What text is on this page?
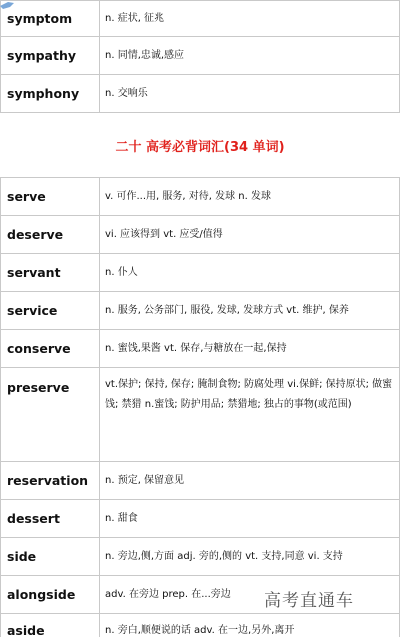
symptom	n. 症状, 征兆
sympathy	n. 同情,忠诚,感应
symphony	n. 交响乐
二十 高考必背词汇(34 单词)
serve	v. 可作...用, 服务, 对待, 发球 n. 发球
deserve	vi. 应该得到 vt. 应受/值得
servant	n. 仆人
service	n. 服务, 公务部门, 服役, 发球, 发球方式 vt. 维护, 保养
conserve	n. 蜜饯,果酱 vt. 保存,与糖放在一起,保持
preserve	vt.保护; 保持, 保存; 腌制食物; 防腐处理 vi.保鲜; 保持原状; 做蜜饯; 禁猎 n.蜜饯; 防护用品; 禁猎地; 独占的事物(或范围)
reservation	n. 预定, 保留意见
dessert	n. 甜食
side	n. 旁边,侧,方面 adj. 旁的,侧的 vt. 支持,同意 vi. 支持
alongside	adv. 在旁边 prep. 在...旁边
aside	n. 旁白,顺便说的话 adv. 在一边,另外,离开
高考直通车
